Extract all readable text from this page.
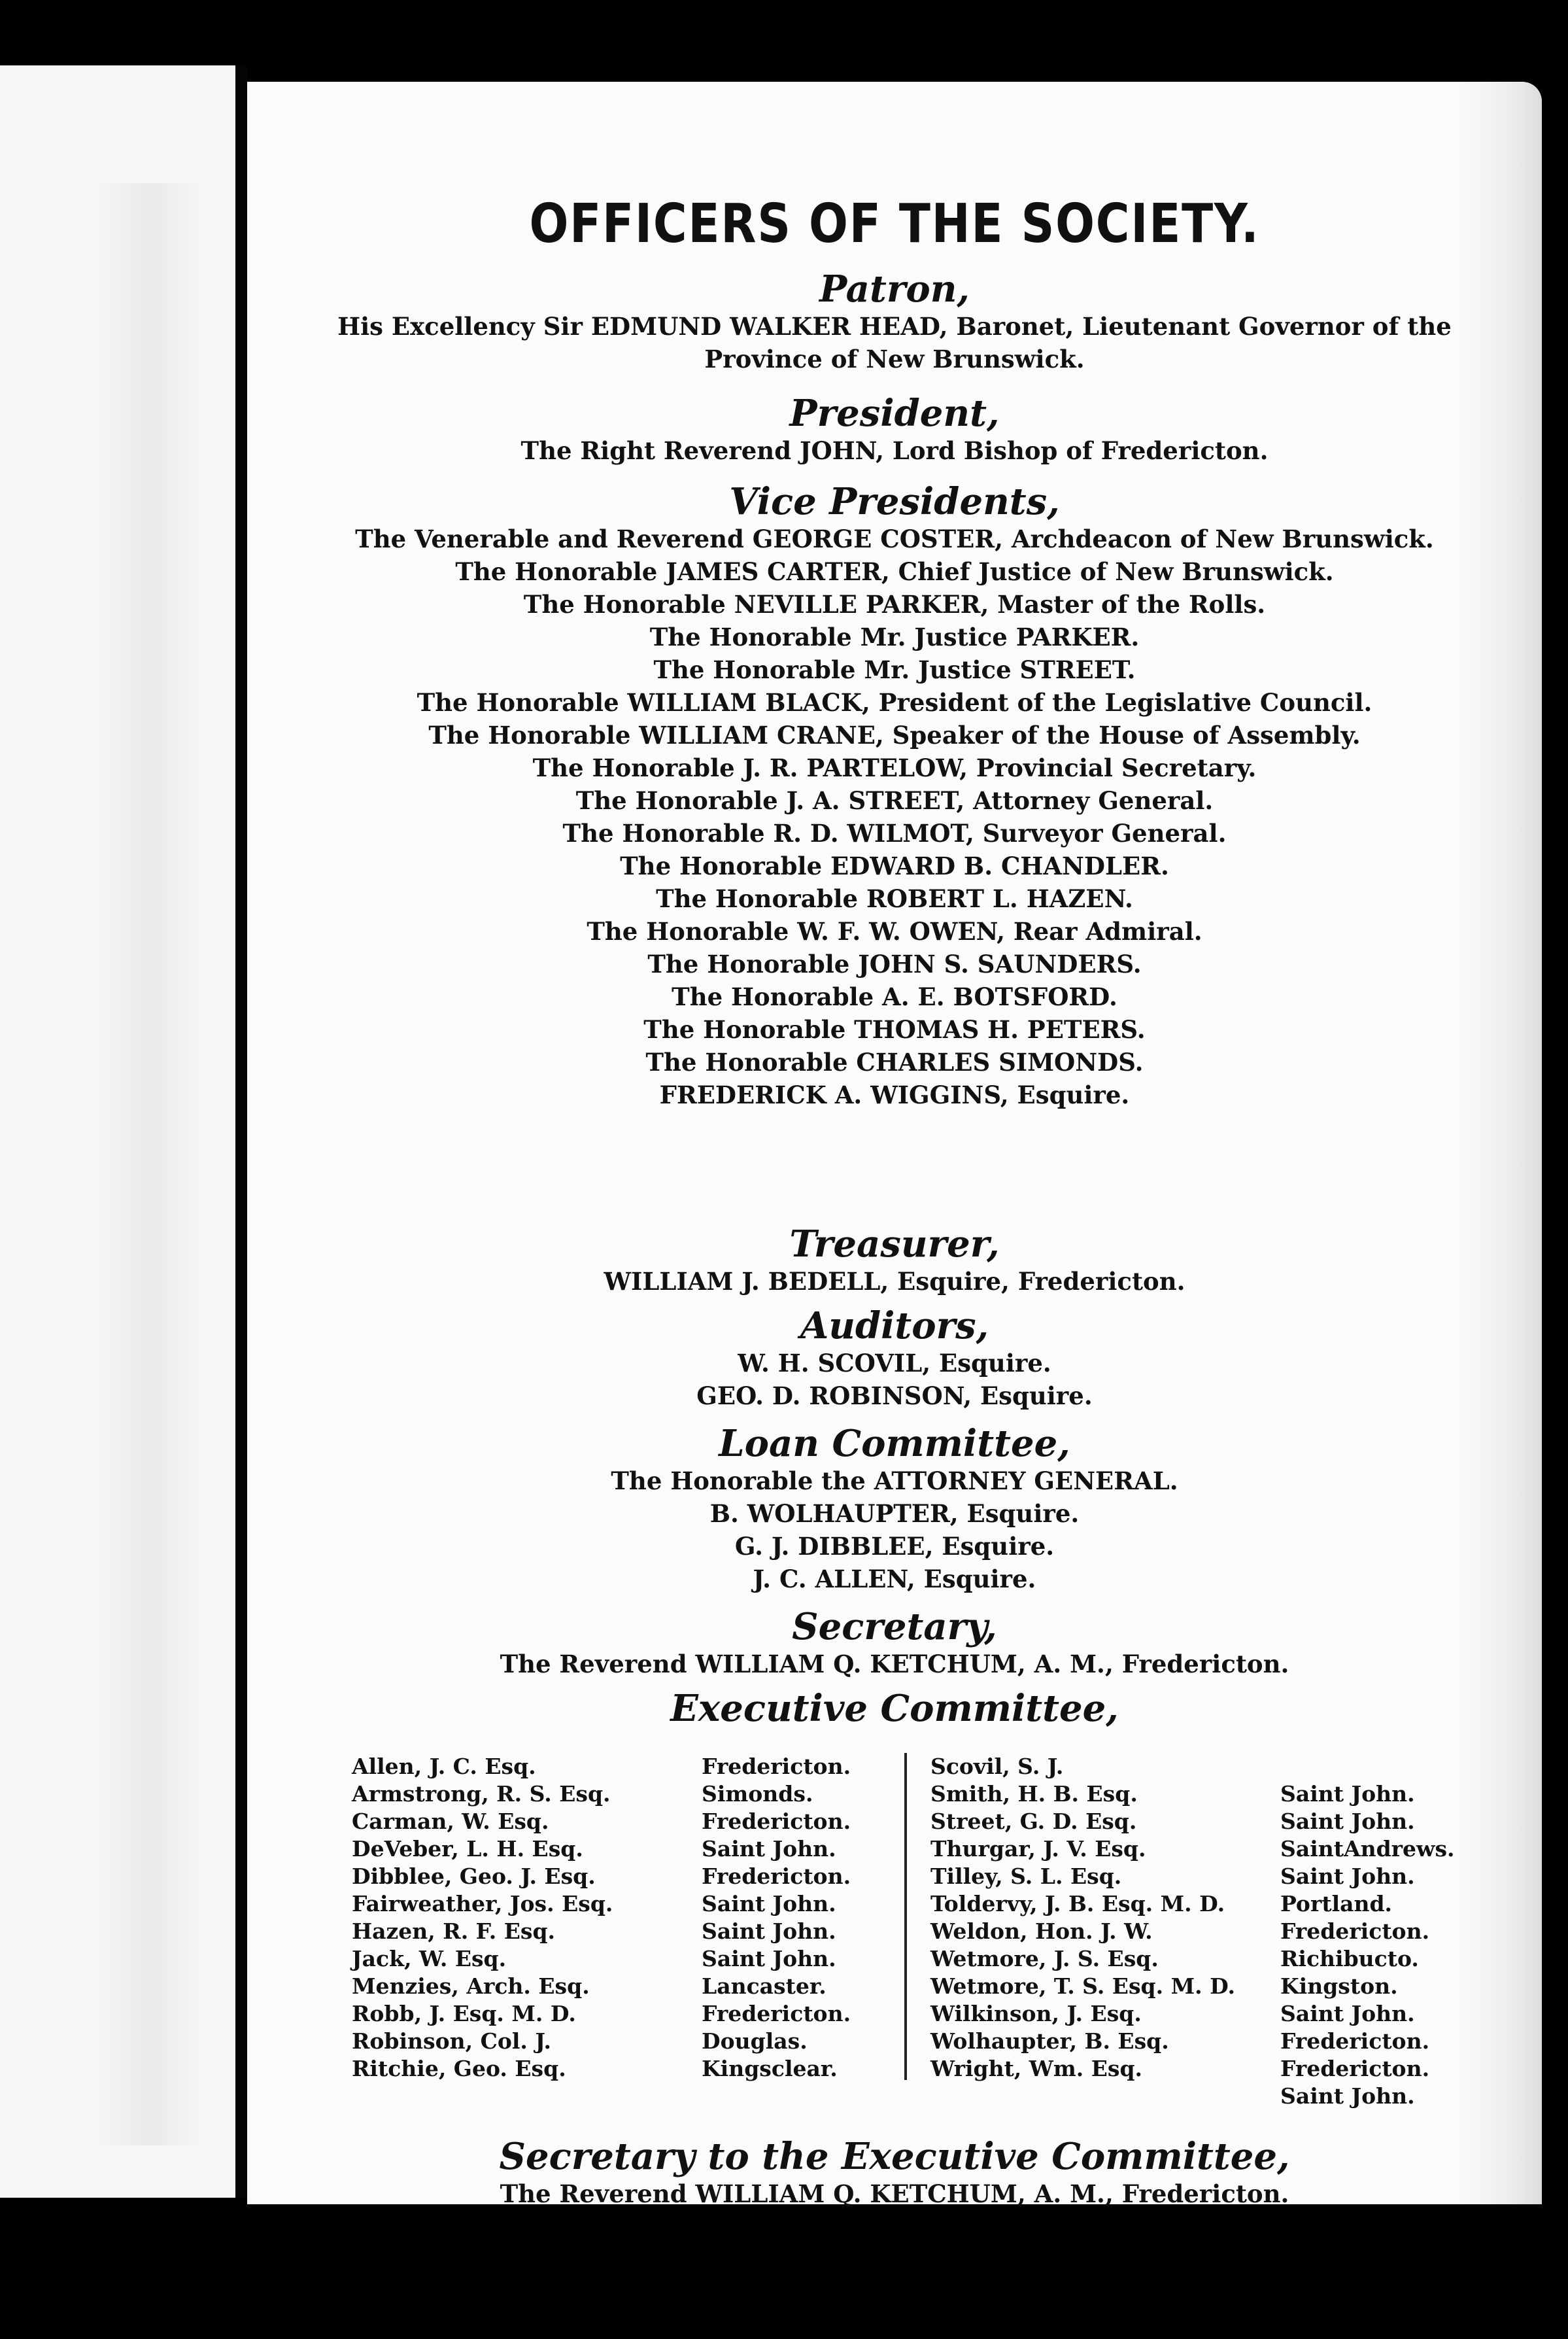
OFFICERS OF THE SOCIETY.

Patron,

His Excellency Sir EDMUND WALKER HEAD, Baronet, Lieutenant Governor of the

Province of New Brunswick.

President,

The Right Reverend JOHN, Lord Bishop of Fredericton.

Vice Presidents,

The Venerable and Reverend GEORGE COSTER, Archdeacon of New Brunswick.

The Honorable JAMES CARTER, Chief Justice of New Brunswick.

The Honorable NEVILLE PARKER, Master of the Rolls.

The Honorable Mr. Justice PARKER.

The Honorable Mr. Justice STREET.

The Honorable WILLIAM BLACK, President of the Legislative Council.

The Honorable WILLIAM CRANE, Speaker of the House of Assembly.

The Honorable J. R. PARTELOW, Provincial Secretary.

The Honorable J. A. STREET, Attorney General.

The Honorable R. D. WILMOT, Surveyor General.

The Honorable EDWARD B. CHANDLER.

The Honorable ROBERT L. HAZEN.

The Honorable W. F. W. OWEN, Rear Admiral.

The Honorable JOHN S. SAUNDERS.

The Honorable A. E. BOTSFORD.

The Honorable THOMAS H. PETERS.

The Honorable CHARLES SIMONDS.

FREDERICK A. WIGGINS, Esquire.

Treasurer,

WILLIAM J. BEDELL, Esquire, Fredericton.

Auditors,

W. H. SCOVIL, Esquire.

GEO. D. ROBINSON, Esquire.

Loan Committee,

The Honorable the ATTORNEY GENERAL.

B. WOLHAUPTER, Esquire.

G. J. DIBBLEE, Esquire.

J. C. ALLEN, Esquire.

Secretary,

The Reverend WILLIAM Q. KETCHUM, A. M., Fredericton.

Executive Committee,

Allen, J. C. Esq.
Armstrong, R. S. Esq.
Carman, W. Esq.
DeVeber, L. H. Esq.
Dibblee, Geo. J. Esq.
Fairweather, Jos. Esq.
Hazen, R. F. Esq.
Jack, W. Esq.
Menzies, Arch. Esq.
Robb, J. Esq. M. D.
Robinson, Col. J.
Ritchie, Geo. Esq.
Fredericton.
Simonds.
Fredericton.
Saint John.
Fredericton.
Saint John.
Saint John.
Saint John.
Lancaster.
Fredericton.
Douglas.
Kingsclear.
Scovil, S. J.
Smith, H. B. Esq.
Street, G. D. Esq.
Thurgar, J. V. Esq.
Tilley, S. L. Esq.
Toldervy, J. B. Esq. M. D.
Weldon, Hon. J. W.
Wetmore, J. S. Esq.
Wetmore, T. S. Esq. M. D.
Wilkinson, J. Esq.
Wolhaupter, B. Esq.
Wright, Wm. Esq.
Saint John.
Saint John.
SaintAndrews.
Saint John.
Portland.
Fredericton.
Richibucto.
Kingston.
Saint John.
Fredericton.
Fredericton.
Saint John.

Secretary to the Executive Committee,

The Reverend WILLIAM Q. KETCHUM, A. M., Fredericton.
